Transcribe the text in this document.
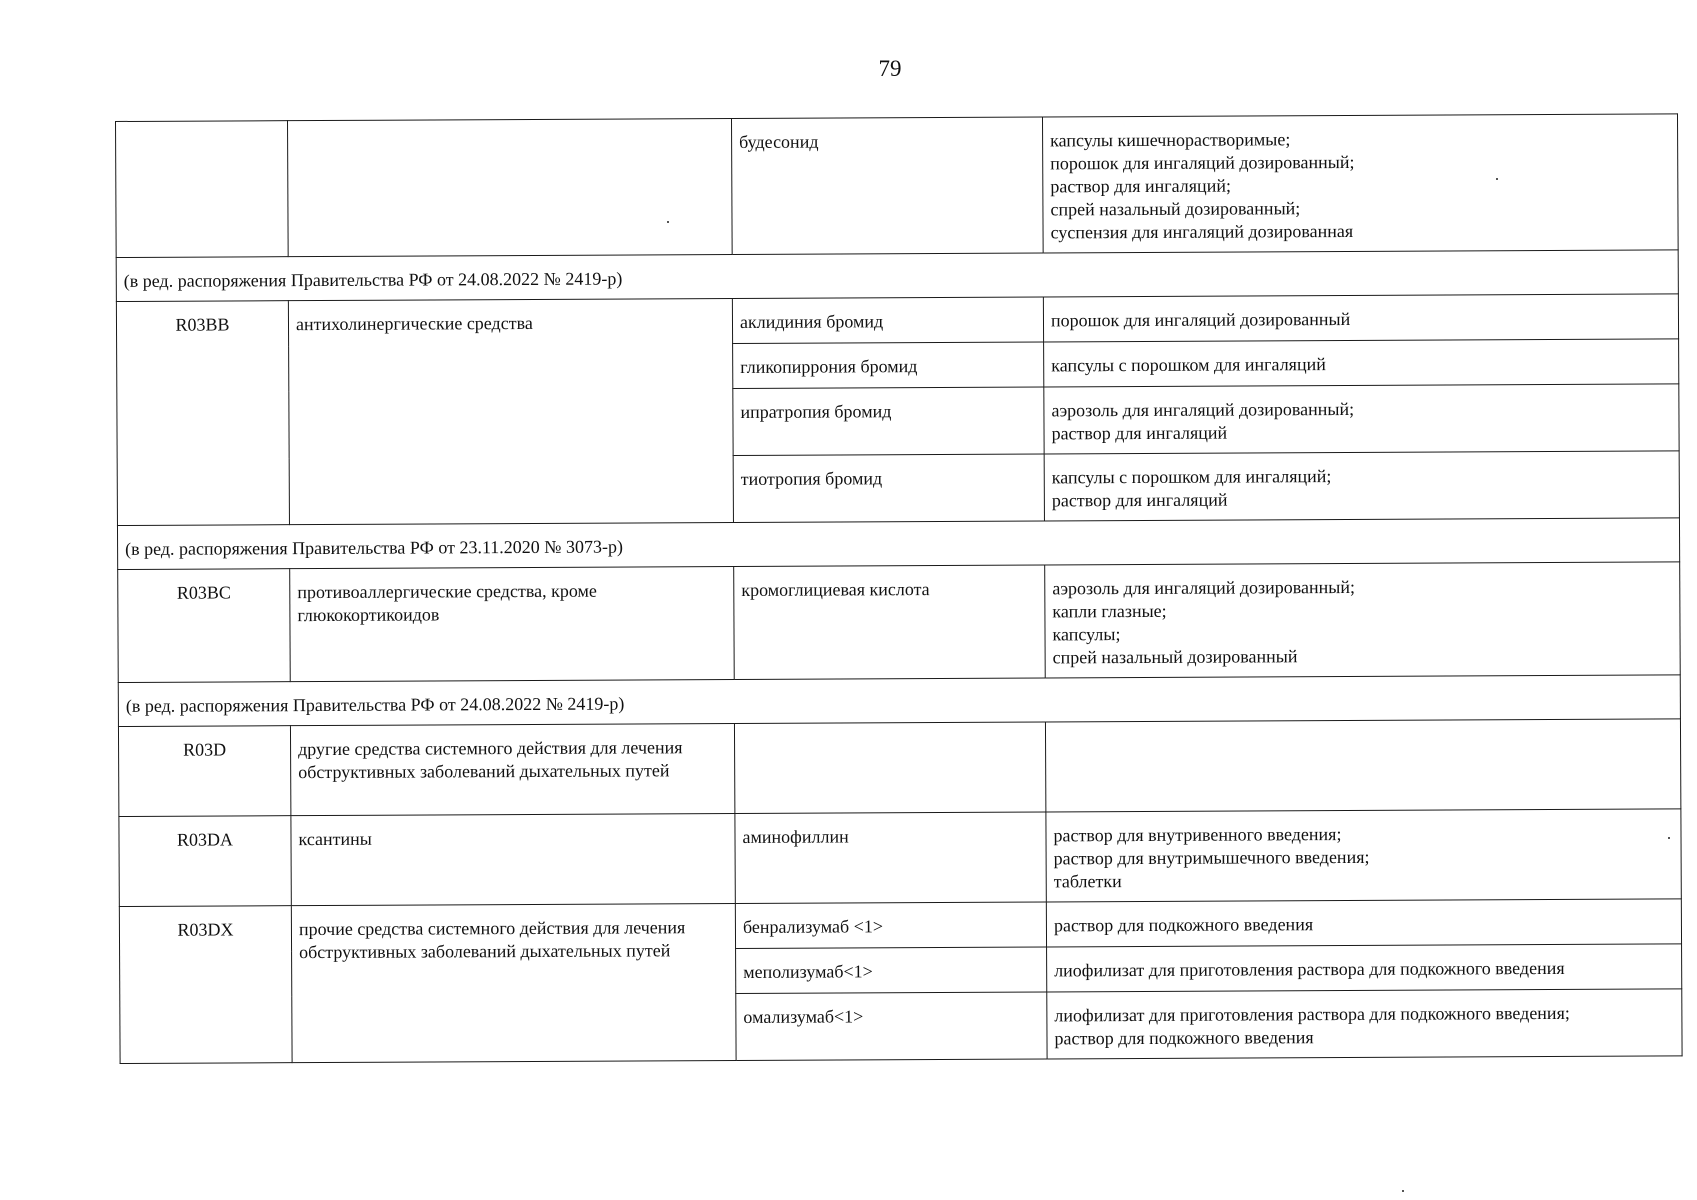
79
		будесонид	капсулы кишечнорастворимые;
порошок для ингаляций дозированный;
раствор для ингаляций;
спрей назальный дозированный;
суспензия для ингаляций дозированная

(в ред. распоряжения Правительства РФ от 24.08.2022 № 2419-р)			
R03BB	антихолинергические средства	аклидиния бромид	порошок для ингаляций дозированный

		гликопиррония бромид	капсулы с порошком для ингаляций

		ипратропия бромид	аэрозоль для ингаляций дозированный;
раствор для ингаляций

		тиотропия бромид	капсулы с порошком для ингаляций;
раствор для ингаляций

(в ред. распоряжения Правительства РФ от 23.11.2020 № 3073-р)			
R03BC	противоаллергические средства, кроме глюкокортикоидов	кромоглициевая кислота	аэрозоль для ингаляций дозированный;
капли глазные;
капсулы;
спрей назальный дозированный

(в ред. распоряжения Правительства РФ от 24.08.2022 № 2419-р)			
R03D	другие средства системного действия для лечения обструктивных заболеваний дыхательных путей		
R03DA	ксантины	аминофиллин	раствор для внутривенного введения;
раствор для внутримышечного введения;
таблетки

R03DX	прочие средства системного действия для лечения обструктивных заболеваний дыхательных путей	бенрализумаб <1>	раствор для подкожного введения

		меполизумаб<1>	лиофилизат для приготовления раствора для подкожного введения

		омализумаб<1>	лиофилизат для приготовления раствора для подкожного введения;
раствор для подкожного введения
